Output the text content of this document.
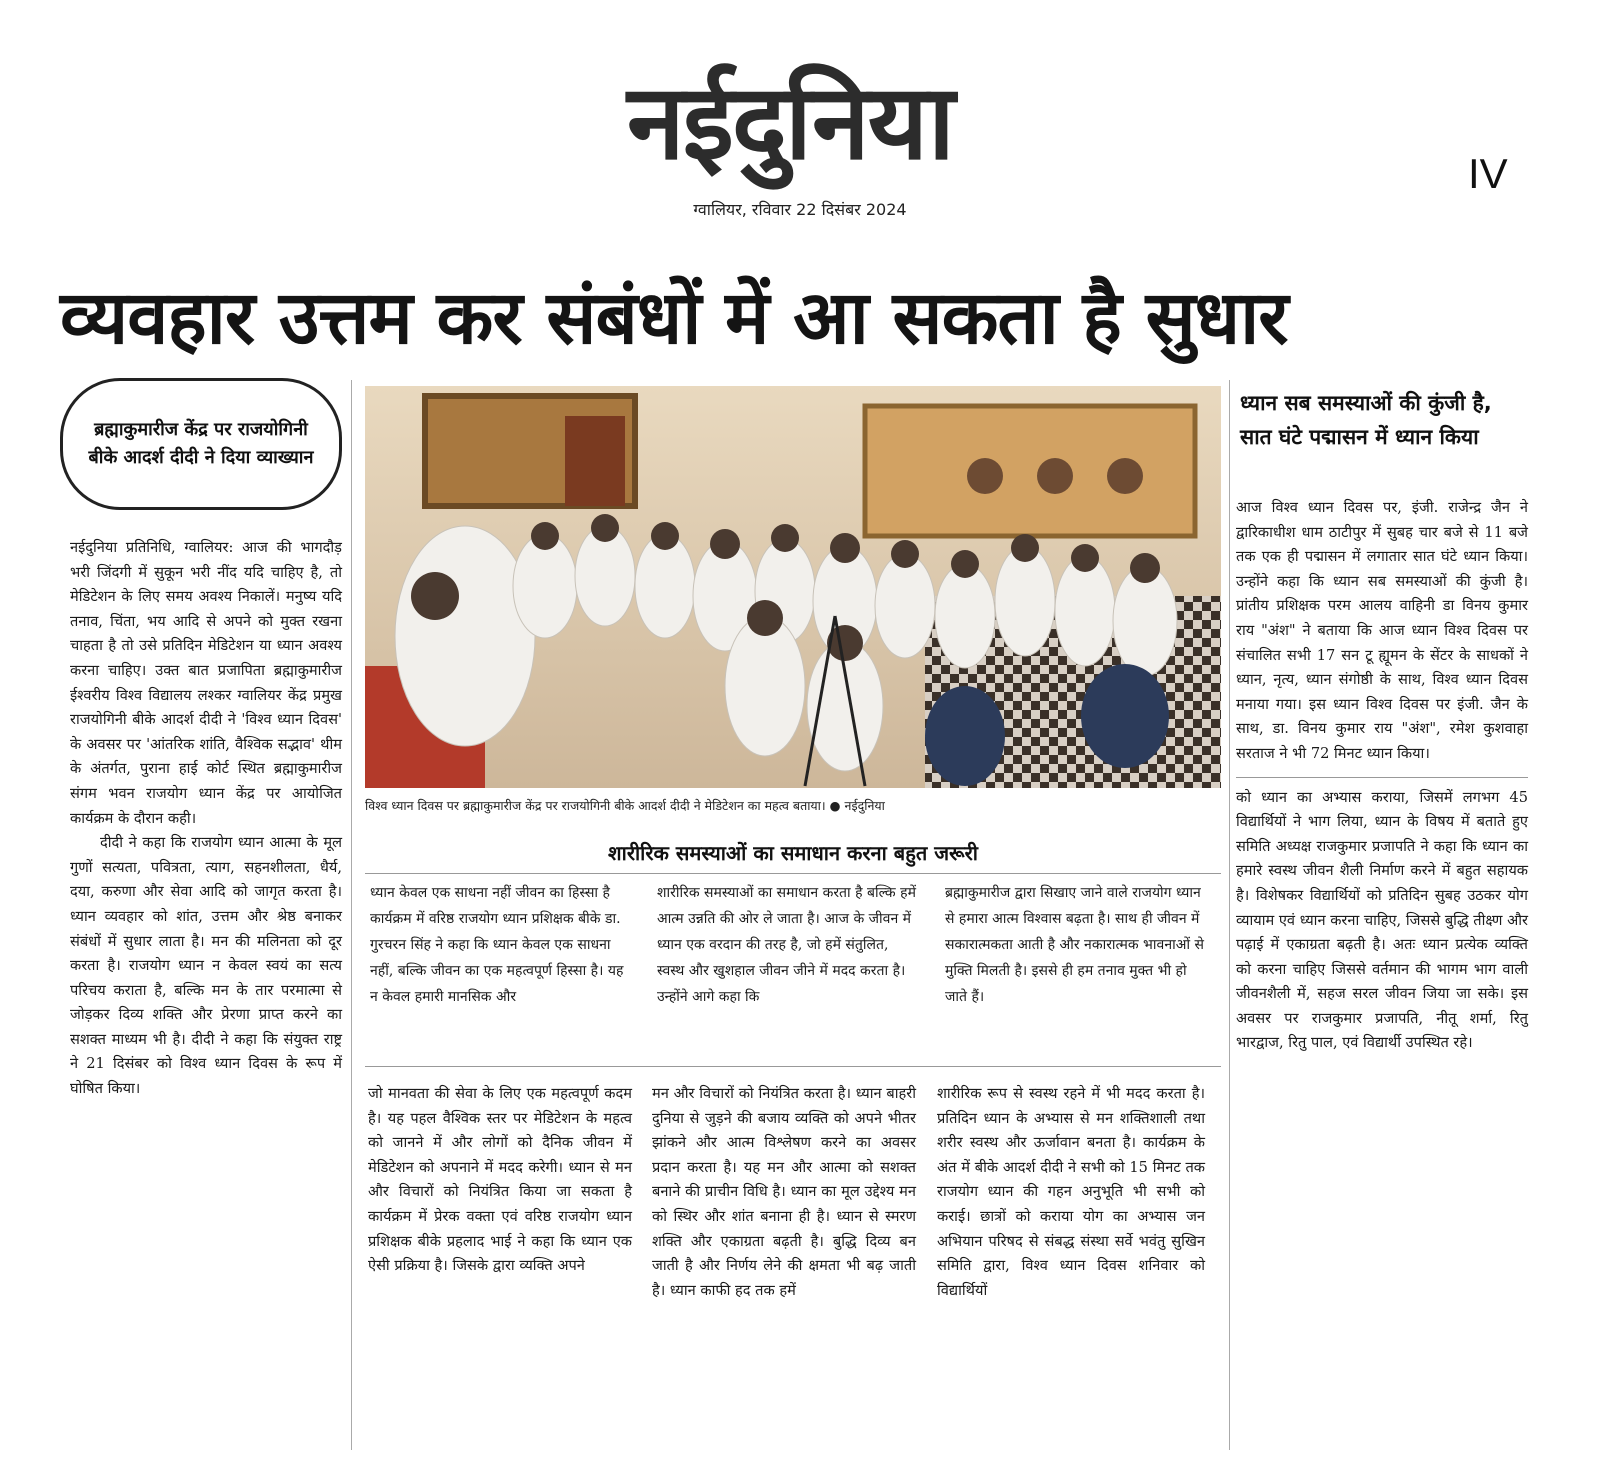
नईदुनिया
ग्वालियर, रविवार 22 दिसंबर 2024
IV
व्यवहार उत्तम कर संबंधों में आ सकता है सुधार
ब्रह्माकुमारीज केंद्र पर राजयोगिनी बीके आदर्श दीदी ने दिया व्याख्यान

नईदुनिया प्रतिनिधि, ग्वालियर: आज की भागदौड़ भरी जिंदगी में सुकून भरी नींद यदि चाहिए है, तो मेडिटेशन के लिए समय अवश्य निकालें। मनुष्य यदि तनाव, चिंता, भय आदि से अपने को मुक्त रखना चाहता है तो उसे प्रतिदिन मेडिटेशन या ध्यान अवश्य करना चाहिए। उक्त बात प्रजापिता ब्रह्माकुमारीज ईश्वरीय विश्व विद्यालय लश्कर ग्वालियर केंद्र प्रमुख राजयोगिनी बीके आदर्श दीदी ने 'विश्व ध्यान दिवस' के अवसर पर 'आंतरिक शांति, वैश्विक सद्भाव' थीम के अंतर्गत, पुराना हाई कोर्ट स्थित ब्रह्माकुमारीज संगम भवन राजयोग ध्यान केंद्र पर आयोजित कार्यक्रम के दौरान कही।

दीदी ने कहा कि राजयोग ध्यान आत्मा के मूल गुणों सत्यता, पवित्रता, त्याग, सहनशीलता, धैर्य, दया, करुणा और सेवा आदि को जागृत करता है। ध्यान व्यवहार को शांत, उत्तम और श्रेष्ठ बनाकर संबंधों में सुधार लाता है। मन की मलिनता को दूर करता है। राजयोग ध्यान न केवल स्वयं का सत्य परिचय कराता है, बल्कि मन के तार परमात्मा से जोड़कर दिव्य शक्ति और प्रेरणा प्राप्त करने का सशक्त माध्यम भी है। दीदी ने कहा कि संयुक्त राष्ट्र ने 21 दिसंबर को विश्व ध्यान दिवस के रूप में घोषित किया।

विश्व ध्यान दिवस पर ब्रह्माकुमारीज केंद्र पर राजयोगिनी बीके आदर्श दीदी ने मेडिटेशन का महत्व बताया। ● नईदुनिया
शारीरिक समस्याओं का समाधान करना बहुत जरूरी
ध्यान केवल एक साधना नहीं जीवन का हिस्सा है कार्यक्रम में वरिष्ठ राजयोग ध्यान प्रशिक्षक बीके डा. गुरचरन सिंह ने कहा कि ध्यान केवल एक साधना नहीं, बल्कि जीवन का एक महत्वपूर्ण हिस्सा है। यह न केवल हमारी मानसिक और
शारीरिक समस्याओं का समाधान करता है बल्कि हमें आत्म उन्नति की ओर ले जाता है। आज के जीवन में ध्यान एक वरदान की तरह है, जो हमें संतुलित, स्वस्थ और खुशहाल जीवन जीने में मदद करता है। उन्होंने आगे कहा कि
ब्रह्माकुमारीज द्वारा सिखाए जाने वाले राजयोग ध्यान से हमारा आत्म विश्वास बढ़ता है। साथ ही जीवन में सकारात्मकता आती है और नकारात्मक भावनाओं से मुक्ति मिलती है। इससे ही हम तनाव मुक्त भी हो जाते हैं।
जो मानवता की सेवा के लिए एक महत्वपूर्ण कदम है। यह पहल वैश्विक स्तर पर मेडिटेशन के महत्व को जानने में और लोगों को दैनिक जीवन में मेडिटेशन को अपनाने में मदद करेगी। ध्यान से मन और विचारों को नियंत्रित किया जा सकता है कार्यक्रम में प्रेरक वक्ता एवं वरिष्ठ राजयोग ध्यान प्रशिक्षक बीके प्रहलाद भाई ने कहा कि ध्यान एक ऐसी प्रक्रिया है। जिसके द्वारा व्यक्ति अपने
मन और विचारों को नियंत्रित करता है। ध्यान बाहरी दुनिया से जुड़ने की बजाय व्यक्ति को अपने भीतर झांकने और आत्म विश्लेषण करने का अवसर प्रदान करता है। यह मन और आत्मा को सशक्त बनाने की प्राचीन विधि है। ध्यान का मूल उद्देश्य मन को स्थिर और शांत बनाना ही है। ध्यान से स्मरण शक्ति और एकाग्रता बढ़ती है। बुद्धि दिव्य बन जाती है और निर्णय लेने की क्षमता भी बढ़ जाती है। ध्यान काफी हद तक हमें
शारीरिक रूप से स्वस्थ रहने में भी मदद करता है। प्रतिदिन ध्यान के अभ्यास से मन शक्तिशाली तथा शरीर स्वस्थ और ऊर्जावान बनता है। कार्यक्रम के अंत में बीके आदर्श दीदी ने सभी को 15 मिनट तक राजयोग ध्यान की गहन अनुभूति भी सभी को कराई। छात्रों को कराया योग का अभ्यास जन अभियान परिषद से संबद्ध संस्था सर्वे भवंतु सुखिन समिति द्वारा, विश्व ध्यान दिवस शनिवार को विद्यार्थियों
ध्यान सब समस्याओं की कुंजी है, सात घंटे पद्मासन में ध्यान किया

आज विश्व ध्यान दिवस पर, इंजी. राजेन्द्र जैन ने द्वारिकाधीश धाम ठाटीपुर में सुबह चार बजे से 11 बजे तक एक ही पद्मासन में लगातार सात घंटे ध्यान किया। उन्होंने कहा कि ध्यान सब समस्याओं की कुंजी है। प्रांतीय प्रशिक्षक परम आलय वाहिनी डा विनय कुमार राय "अंश" ने बताया कि आज ध्यान विश्व दिवस पर संचालित सभी 17 सन टू ह्यूमन के सेंटर के साधकों ने ध्यान, नृत्य, ध्यान संगोष्ठी के साथ, विश्व ध्यान दिवस मनाया गया। इस ध्यान विश्व दिवस पर इंजी. जैन के साथ, डा. विनय कुमार राय "अंश", रमेश कुशवाहा सरताज ने भी 72 मिनट ध्यान किया।

को ध्यान का अभ्यास कराया, जिसमें लगभग 45 विद्यार्थियों ने भाग लिया, ध्यान के विषय में बताते हुए समिति अध्यक्ष राजकुमार प्रजापति ने कहा कि ध्यान का हमारे स्वस्थ जीवन शैली निर्माण करने में बहुत सहायक है। विशेषकर विद्यार्थियों को प्रतिदिन सुबह उठकर योग व्यायाम एवं ध्यान करना चाहिए, जिससे बुद्धि तीक्ष्ण और पढ़ाई में एकाग्रता बढ़ती है। अतः ध्यान प्रत्येक व्यक्ति को करना चाहिए जिससे वर्तमान की भागम भाग वाली जीवनशैली में, सहज सरल जीवन जिया जा सके। इस अवसर पर राजकुमार प्रजापति, नीतू शर्मा, रितु भारद्वाज, रितु पाल, एवं विद्यार्थी उपस्थित रहे।
